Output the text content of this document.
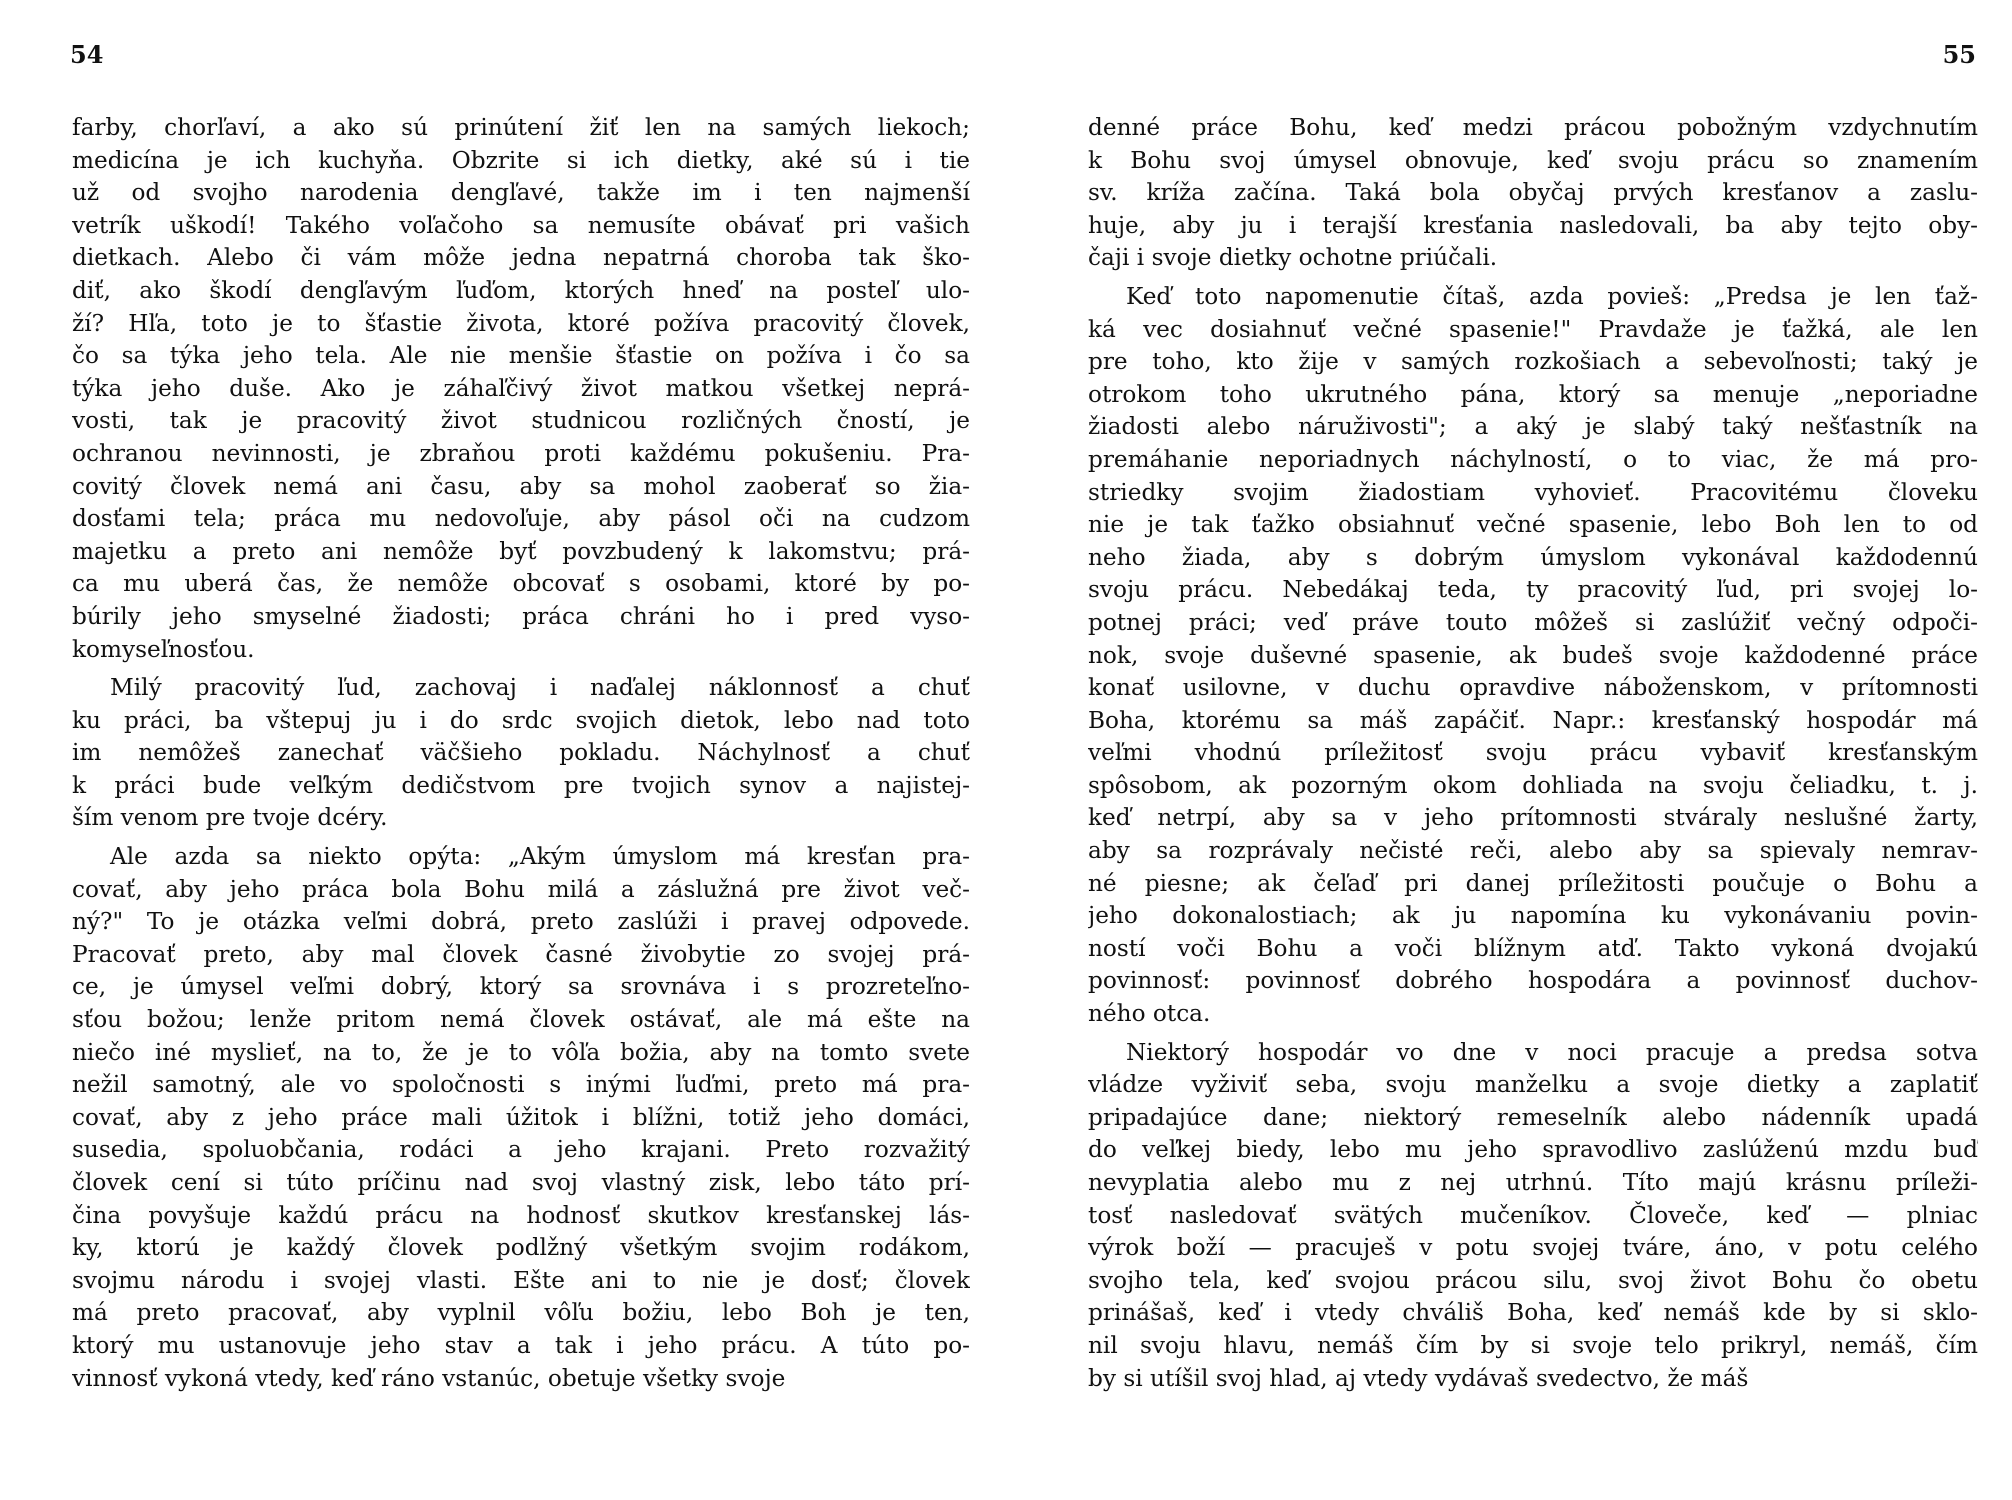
54
farby, chorľaví, a ako sú prinútení žiť len na samých liekoch;
medicína je ich kuchyňa. Obzrite si ich dietky, aké sú i tie
už od svojho narodenia dengľavé, takže im i ten najmenší
vetrík uškodí! Takého voľačoho sa nemusíte obávať pri vašich
dietkach. Alebo či vám môže jedna nepatrná choroba tak ško-
diť, ako škodí dengľavým ľuďom, ktorých hneď na posteľ ulo-
ží? Hľa, toto je to šťastie života, ktoré požíva pracovitý človek,
čo sa týka jeho tela. Ale nie menšie šťastie on požíva i čo sa
týka jeho duše. Ako je záhaľčivý život matkou všetkej neprá-
vosti, tak je pracovitý život studnicou rozličných čností, je
ochranou nevinnosti, je zbraňou proti každému pokušeniu. Pra-
covitý človek nemá ani času, aby sa mohol zaoberať so žia-
dosťami tela; práca mu nedovoľuje, aby pásol oči na cudzom
majetku a preto ani nemôže byť povzbudený k lakomstvu; prá-
ca mu uberá čas, že nemôže obcovať s osobami, ktoré by po-
búrily jeho smyselné žiadosti; práca chráni ho i pred vyso-
komyseľnosťou.
Milý pracovitý ľud, zachovaj i naďalej náklonnosť a chuť
ku práci, ba vštepuj ju i do srdc svojich dietok, lebo nad toto
im nemôžeš zanechať väčšieho pokladu. Náchylnosť a chuť
k práci bude veľkým dedičstvom pre tvojich synov a najistej-
ším venom pre tvoje dcéry.
Ale azda sa niekto opýta: „Akým úmyslom má kresťan pra-
covať, aby jeho práca bola Bohu milá a záslužná pre život več-
ný?" To je otázka veľmi dobrá, preto zaslúži i pravej odpovede.
Pracovať preto, aby mal človek časné živobytie zo svojej prá-
ce, je úmysel veľmi dobrý, ktorý sa srovnáva i s prozreteľno-
sťou božou; lenže pritom nemá človek ostávať, ale má ešte na
niečo iné myslieť, na to, že je to vôľa božia, aby na tomto svete
nežil samotný, ale vo spoločnosti s inými ľuďmi, preto má pra-
covať, aby z jeho práce mali úžitok i blížni, totiž jeho domáci,
susedia, spoluobčania, rodáci a jeho krajani. Preto rozvažitý
človek cení si túto príčinu nad svoj vlastný zisk, lebo táto prí-
čina povyšuje každú prácu na hodnosť skutkov kresťanskej lás-
ky, ktorú je každý človek podlžný všetkým svojim rodákom,
svojmu národu i svojej vlasti. Ešte ani to nie je dosť; človek
má preto pracovať, aby vyplnil vôľu božiu, lebo Boh je ten,
ktorý mu ustanovuje jeho stav a tak i jeho prácu. A túto po-
vinnosť vykoná vtedy, keď ráno vstanúc, obetuje všetky svoje
55
denné práce Bohu, keď medzi prácou pobožným vzdychnutím
k Bohu svoj úmysel obnovuje, keď svoju prácu so znamením
sv. kríža začína. Taká bola obyčaj prvých kresťanov a zaslu-
huje, aby ju i terajší kresťania nasledovali, ba aby tejto oby-
čaji i svoje dietky ochotne priúčali.
Keď toto napomenutie čítaš, azda povieš: „Predsa je len ťaž-
ká vec dosiahnuť večné spasenie!" Pravdaže je ťažká, ale len
pre toho, kto žije v samých rozkošiach a sebevoľnosti; taký je
otrokom toho ukrutného pána, ktorý sa menuje „neporiadne
žiadosti alebo náruživosti"; a aký je slabý taký nešťastník na
premáhanie neporiadnych náchylností, o to viac, že má pro-
striedky svojim žiadostiam vyhovieť. Pracovitému človeku
nie je tak ťažko obsiahnuť večné spasenie, lebo Boh len to od
neho žiada, aby s dobrým úmyslom vykonával každodennú
svoju prácu. Nebedákaj teda, ty pracovitý ľud, pri svojej lo-
potnej práci; veď práve touto môžeš si zaslúžiť večný odpoči-
nok, svoje duševné spasenie, ak budeš svoje každodenné práce
konať usilovne, v duchu opravdive náboženskom, v prítomnosti
Boha, ktorému sa máš zapáčiť. Napr.: kresťanský hospodár má
veľmi vhodnú príležitosť svoju prácu vybaviť kresťanským
spôsobom, ak pozorným okom dohliada na svoju čeliadku, t. j.
keď netrpí, aby sa v jeho prítomnosti stváraly neslušné žarty,
aby sa rozprávaly nečisté reči, alebo aby sa spievaly nemrav-
né piesne; ak čeľaď pri danej príležitosti poučuje o Bohu a
jeho dokonalostiach; ak ju napomína ku vykonávaniu povin-
ností voči Bohu a voči blížnym atď. Takto vykoná dvojakú
povinnosť: povinnosť dobrého hospodára a povinnosť duchov-
ného otca.
Niektorý hospodár vo dne v noci pracuje a predsa sotva
vládze vyživiť seba, svoju manželku a svoje dietky a zaplatiť
pripadajúce dane; niektorý remeselník alebo nádenník upadá
do veľkej biedy, lebo mu jeho spravodlivo zaslúženú mzdu buď
nevyplatia alebo mu z nej utrhnú. Títo majú krásnu príleži-
tosť nasledovať svätých mučeníkov. Človeče, keď — plniac
výrok boží — pracuješ v potu svojej tváre, áno, v potu celého
svojho tela, keď svojou prácou silu, svoj život Bohu čo obetu
prinášaš, keď i vtedy chváliš Boha, keď nemáš kde by si sklo-
nil svoju hlavu, nemáš čím by si svoje telo prikryl, nemáš, čím
by si utíšil svoj hlad, aj vtedy vydávaš svedectvo, že máš
